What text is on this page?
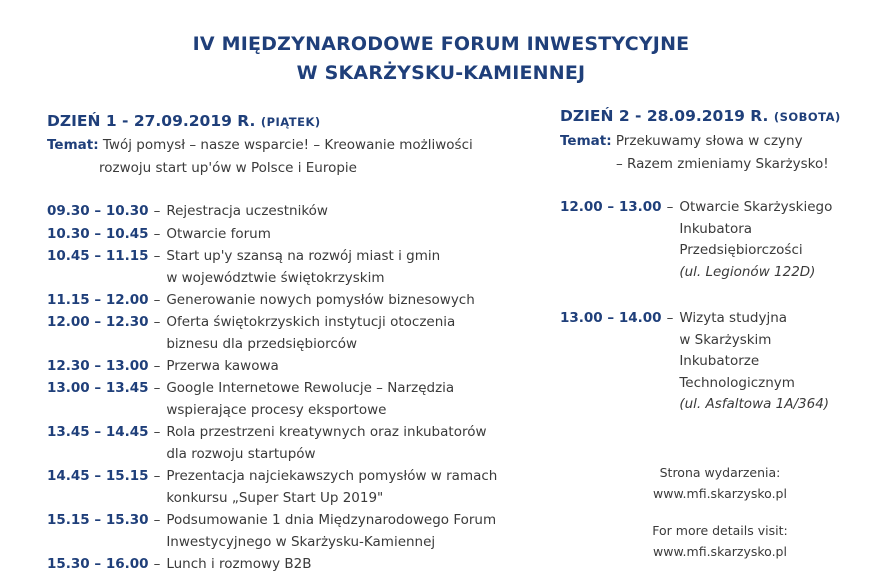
IV MIĘDZYNARODOWE FORUM INWESTYCYJNE
W SKARŻYSKU-KAMIENNEJ
DZIEŃ 1 - 27.09.2019 R. (PIĄTEK)
Temat: Twój pomysł – nasze wsparcie! – Kreowanie możliwości
rozwoju start up'ów w Polsce i Europie
09.30 – 10.30 – Rejestracja uczestników
10.30 – 10.45 – Otwarcie forum
10.45 – 11.15 – Start up'y szansą na rozwój miast i gmin
w województwie świętokrzyskim
11.15 – 12.00 – Generowanie nowych pomysłów biznesowych
12.00 – 12.30 – Oferta świętokrzyskich instytucji otoczenia
biznesu dla przedsiębiorców
12.30 – 13.00 – Przerwa kawowa
13.00 – 13.45 – Google Internetowe Rewolucje – Narzędzia
wspierające procesy eksportowe
13.45 – 14.45 – Rola przestrzeni kreatywnych oraz inkubatorów
dla rozwoju startupów
14.45 – 15.15 – Prezentacja najciekawszych pomysłów w ramach
konkursu „Super Start Up 2019"
15.15 – 15.30 – Podsumowanie 1 dnia Międzynarodowego Forum
Inwestycyjnego w Skarżysku-Kamiennej
15.30 – 16.00 – Lunch i rozmowy B2B
DZIEŃ 2 - 28.09.2019 R. (SOBOTA)
Temat: Przekuwamy słowa w czyny
– Razem zmieniamy Skarżysko!
12.00 – 13.00 – Otwarcie Skarżyskiego
Inkubatora
Przedsiębiorczości
(ul. Legionów 122D)
13.00 – 14.00 – Wizyta studyjna
w Skarżyskim
Inkubatorze
Technologicznym
(ul. Asfaltowa 1A/364)
Strona wydarzenia:
www.mfi.skarzysko.pl
For more details visit:
www.mfi.skarzysko.pl
